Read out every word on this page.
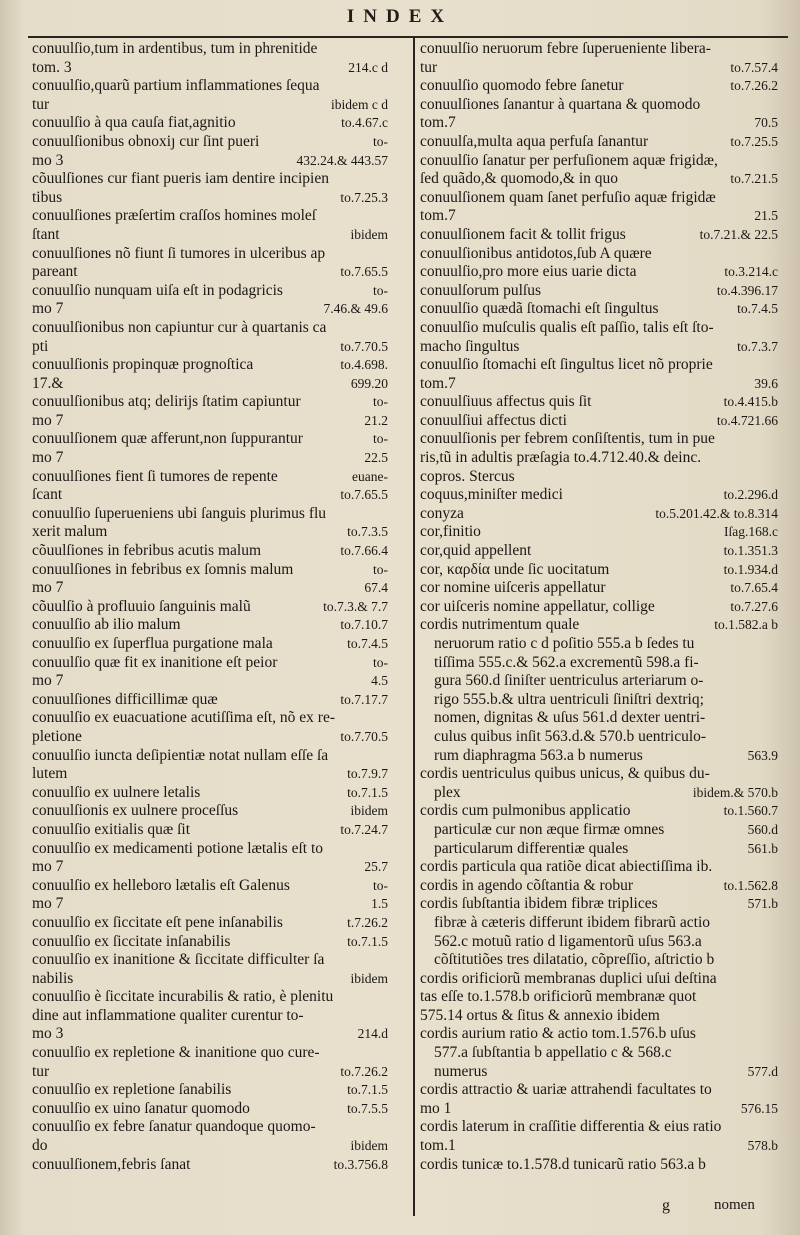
INDEX
conuulſio,tum in ardentibus, tum in phrenitide
tom. 3	214.c d
conuulſio,quarũ partium inflammationes ſequa
tur	ibidem c d
conuulſio à qua cauſa fiat,agnitio	to.4.67.c
conuulſionibus obnoxiȷ cur ſint pueri	to-
mo 3	432.24.& 443.57
cõuulſiones cur fiant pueris iam dentire incipien
tibus	to.7.25.3
conuulſiones præſertim craſſos homines moleſ
ſtant	ibidem
conuulſiones nõ fiunt ſi tumores in ulceribus ap
pareant	to.7.65.5
conuulſio nunquam uiſa eſt in podagricis	to-
mo 7	7.46.& 49.6
conuulſionibus non capiuntur cur à quartanis ca
pti	to.7.70.5
conuulſionis propinquæ prognoſtica	to.4.698.
17.&	699.20
conuulſionibus atq; delirijs ſtatim capiuntur	to-
mo 7	21.2
conuulſionem quæ afferunt,non ſuppurantur	to-
mo 7	22.5
conuulſiones fient ſi tumores de repente	euane-
ſcant	to.7.65.5
conuulſio ſuperueniens ubi ſanguis plurimus flu
xerit malum	to.7.3.5
cõuulſiones in febribus acutis malum	to.7.66.4
conuulſiones in febribus ex ſomnis malum	to-
mo 7	67.4
cõuulſio à profluuio ſanguinis malũ	to.7.3.& 7.7
conuulſio ab ilio malum	to.7.10.7
conuulſio ex ſuperflua purgatione mala	to.7.4.5
conuulſio quæ fit ex inanitione eſt peior	to-
mo 7	4.5
conuulſiones difficillimæ quæ	to.7.17.7
conuulſio ex euacuatione acutiſſima eſt, nõ ex re-
pletione	to.7.70.5
conuulſio iuncta deſipientiæ notat nullam eſſe ſa
lutem	to.7.9.7
conuulſio ex uulnere letalis	to.7.1.5
conuulſionis ex uulnere proceſſus	ibidem
conuulſio exitialis quæ ſit	to.7.24.7
conuulſio ex medicamenti potione lætalis eſt to
mo 7	25.7
conuulſio ex helleboro lætalis eſt Galenus	to-
mo 7	1.5
conuulſio ex ſiccitate eſt pene inſanabilis	t.7.26.2
conuulſio ex ſiccitate inſanabilis	to.7.1.5
conuulſio ex inanitione & ſiccitate difficulter ſa
nabilis	ibidem
conuulſio è ſiccitate incurabilis & ratio, è plenitu
dine aut inflammatione qualiter curentur to-
mo 3	214.d
conuulſio ex repletione & inanitione quo cure-
tur	to.7.26.2
conuulſio ex repletione ſanabilis	to.7.1.5
conuulſio ex uino ſanatur quomodo	to.7.5.5
conuulſio ex febre ſanatur quandoque quomo-
do	ibidem
conuulſionem,febris ſanat	to.3.756.8
conuulſio neruorum febre ſuperueniente libera-
tur	to.7.57.4
conuulſio quomodo febre ſanetur	to.7.26.2
conuulſiones ſanantur à quartana & quomodo
tom.7	70.5
conuulſa,multa aqua perfuſa ſanantur	to.7.25.5
conuulſio ſanatur per perfuſionem aquæ frigidæ,
ſed quãdo,& quomodo,& in quo	to.7.21.5
conuulſionem quam ſanet perfuſio aquæ frigidæ
tom.7	21.5
conuulſionem facit & tollit frigus	to.7.21.& 22.5
conuulſionibus antidotos,ſub A quære
conuulſio,pro more eius uarie dicta	to.3.214.c
conuulſorum pulſus	to.4.396.17
conuulſio quædã ſtomachi eſt ſingultus	to.7.4.5
conuulſio muſculis qualis eſt paſſio, talis eſt ſto-
macho ſingultus	to.7.3.7
conuulſio ſtomachi eſt ſingultus licet nõ proprie
tom.7	39.6
conuulſiuus affectus quis ſit	to.4.415.b
conuulſiui affectus dicti	to.4.721.66
conuulſionis per febrem conſiſtentis, tum in pue
ris,tũ in adultis præſagia to.4.712.40.& deinc.
copros. Stercus
coquus,miniſter medici	to.2.296.d
conyza	to.5.201.42.& to.8.314
cor,finitio	Iſag.168.c
cor,quid appellent	to.1.351.3
cor, καρδία unde ſic uocitatum	to.1.934.d
cor nomine uiſceris appellatur	to.7.65.4
cor uiſceris nomine appellatur, collige	to.7.27.6
cordis nutrimentum quale	to.1.582.a b
neruorum ratio c d poſitio 555.a b ſedes tu
tiſſima 555.c.& 562.a excrementũ 598.a fi-
gura 560.d ſiniſter uentriculus arteriarum o-
rigo 555.b.& ultra uentriculi ſiniſtri dextriq;
nomen, dignitas & uſus 561.d dexter uentri-
culus quibus inſit 563.d.& 570.b uentriculo-
rum diaphragma 563.a b numerus	563.9
cordis uentriculus quibus unicus, & quibus du-
plex	ibidem.& 570.b
cordis cum pulmonibus applicatio	to.1.560.7
particulæ cur non æque firmæ omnes	560.d
particularum differentiæ quales	561.b
cordis particula qua ratiõe dicat abiectiſſima ib.
cordis in agendo cõſtantia & robur	to.1.562.8
cordis ſubſtantia ibidem fibræ triplices	571.b
fibræ à cæteris differunt ibidem fibrarũ actio
562.c motuũ ratio d ligamentorũ uſus 563.a
cõſtitutiões tres dilatatio, cõpreſſio, aſtrictio b
cordis orificiorũ membranas duplici uſui deſtina
tas eſſe to.1.578.b orificiorũ membranæ quot
575.14 ortus & ſitus & annexio ibidem
cordis aurium ratio & actio tom.1.576.b uſus
577.a ſubſtantia b appellatio c & 568.c
numerus	577.d
cordis attractio & uariæ attrahendi facultates to
mo 1	576.15
cordis laterum in craſſitie differentia & eius ratio
tom.1	578.b
cordis tunicæ to.1.578.d tunicarũ ratio 563.a b
g	nomen
